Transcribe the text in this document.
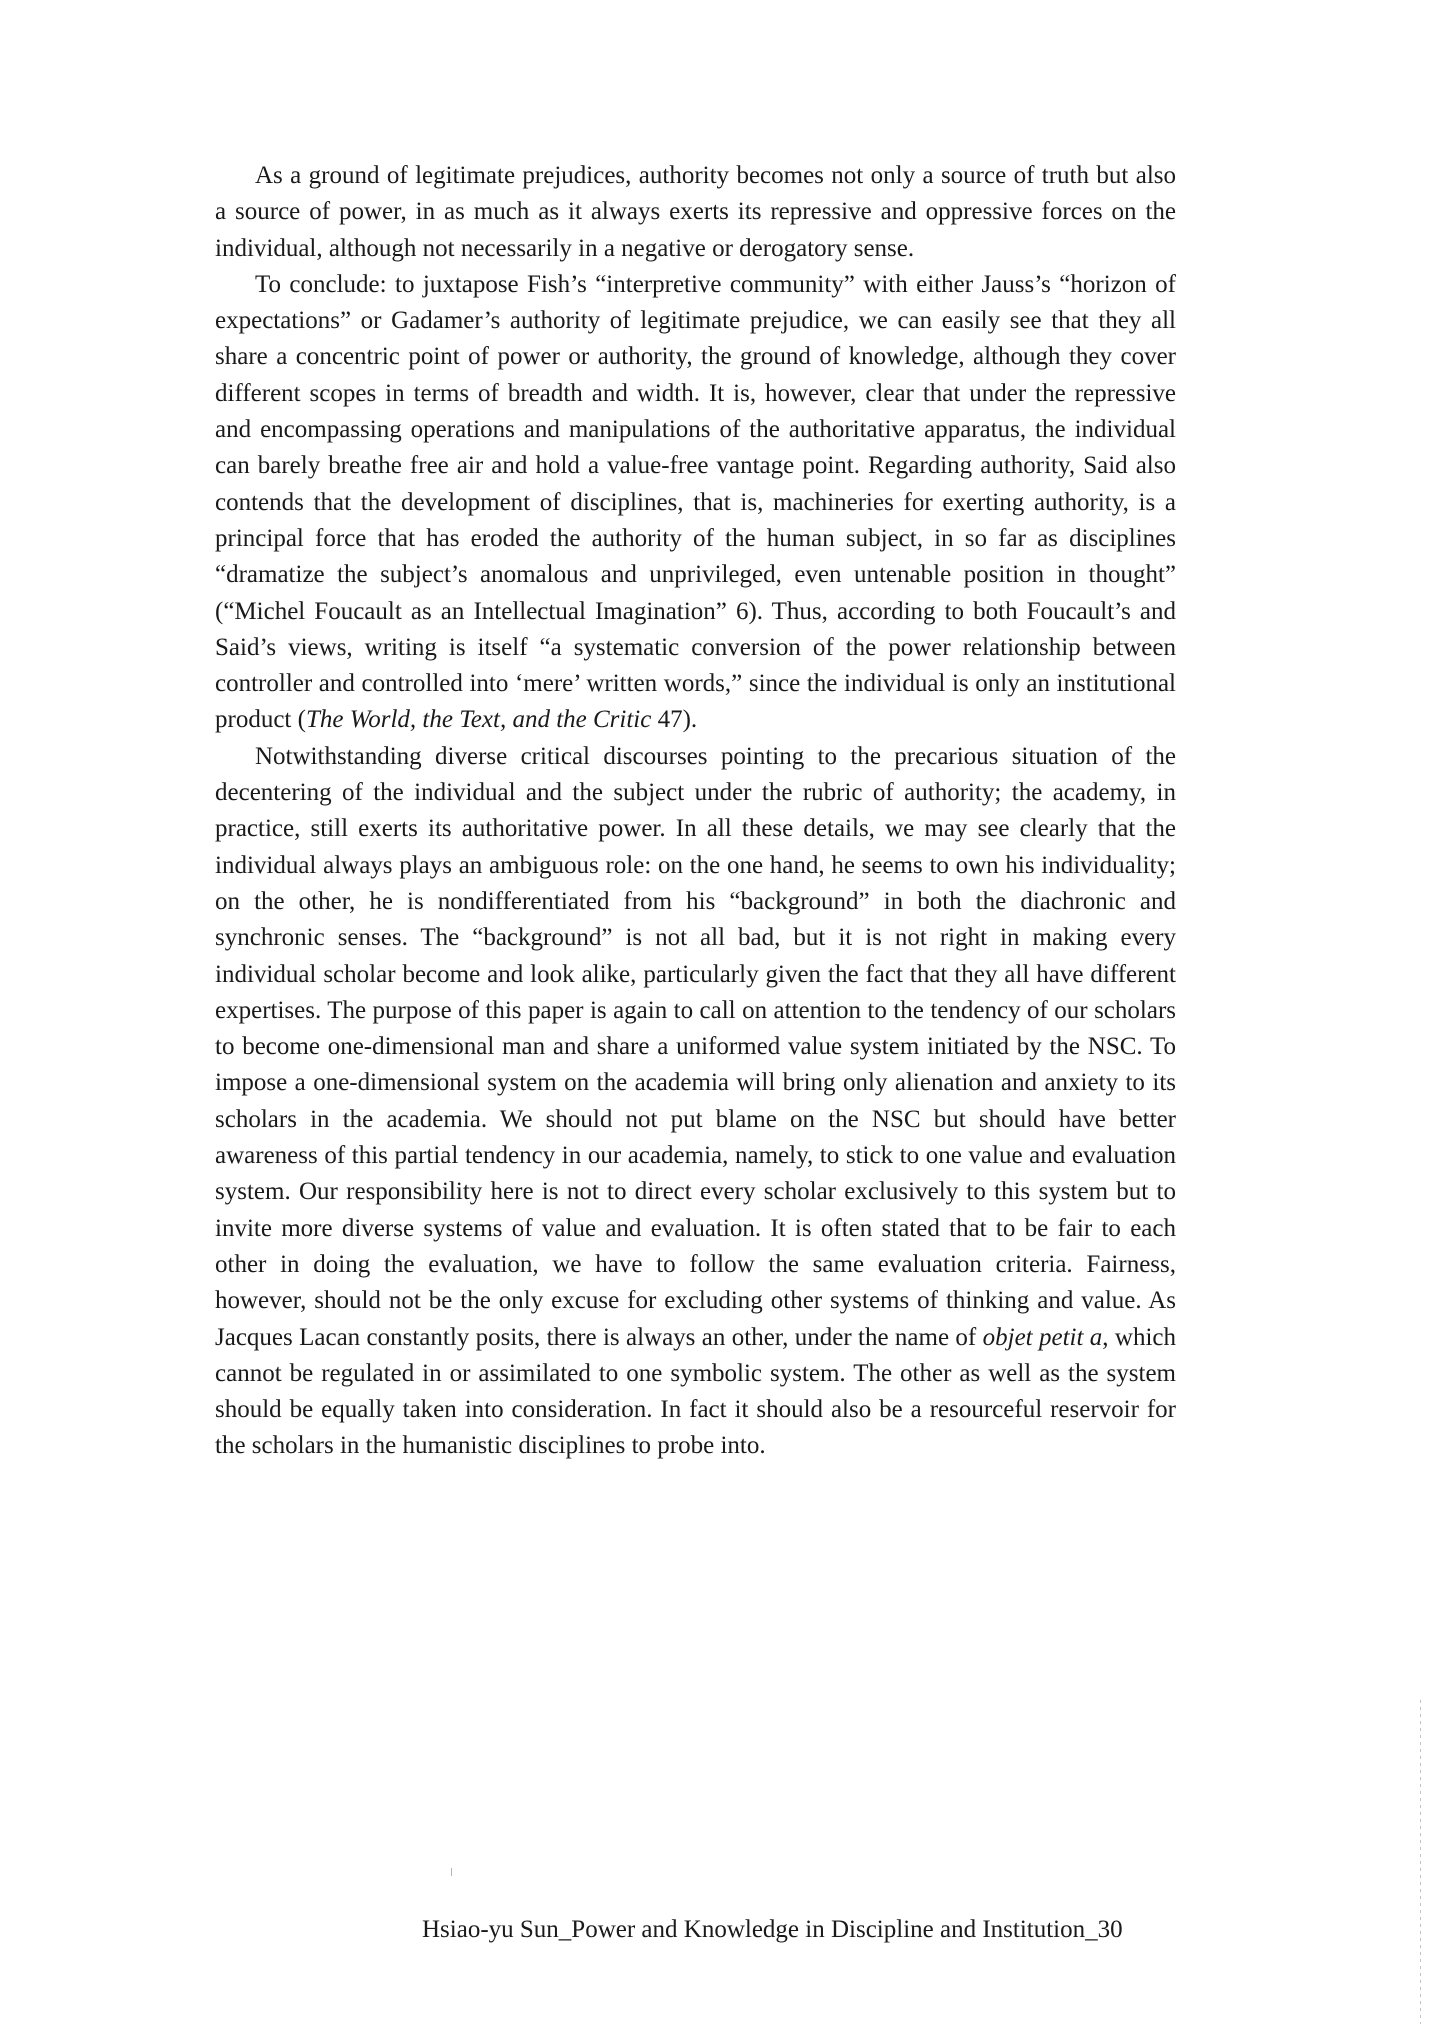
As a ground of legitimate prejudices, authority becomes not only a source of truth but also a source of power, in as much as it always exerts its repressive and oppressive forces on the individual, although not necessarily in a negative or derogatory sense.

To conclude: to juxtapose Fish’s “interpretive community” with either Jauss’s “horizon of expectations” or Gadamer’s authority of legitimate prejudice, we can easily see that they all share a concentric point of power or authority, the ground of knowledge, although they cover different scopes in terms of breadth and width. It is, however, clear that under the repressive and encompassing operations and manipulations of the authoritative apparatus, the individual can barely breathe free air and hold a value-free vantage point. Regarding authority, Said also contends that the development of disciplines, that is, machineries for exerting authority, is a principal force that has eroded the authority of the human subject, in so far as disciplines “dramatize the subject’s anomalous and unprivileged, even untenable position in thought” (“Michel Foucault as an Intellectual Imagination” 6). Thus, according to both Foucault’s and Said’s views, writing is itself “a systematic conversion of the power relationship between controller and controlled into ‘mere’ written words,” since the individual is only an institutional product (The World, the Text, and the Critic 47).

Notwithstanding diverse critical discourses pointing to the precarious situation of the decentering of the individual and the subject under the rubric of authority; the academy, in practice, still exerts its authoritative power. In all these details, we may see clearly that the individual always plays an ambiguous role: on the one hand, he seems to own his individuality; on the other, he is nondifferentiated from his “background” in both the diachronic and synchronic senses. The “background” is not all bad, but it is not right in making every individual scholar become and look alike, particularly given the fact that they all have different expertises. The purpose of this paper is again to call on attention to the tendency of our scholars to become one-dimensional man and share a uniformed value system initiated by the NSC. To impose a one-dimensional system on the academia will bring only alienation and anxiety to its scholars in the academia. We should not put blame on the NSC but should have better awareness of this partial tendency in our academia, namely, to stick to one value and evaluation system. Our responsibility here is not to direct every scholar exclusively to this system but to invite more diverse systems of value and evaluation. It is often stated that to be fair to each other in doing the evaluation, we have to follow the same evaluation criteria. Fairness, however, should not be the only excuse for excluding other systems of thinking and value. As Jacques Lacan constantly posits, there is always an other, under the name of objet petit a, which cannot be regulated in or assimilated to one symbolic system. The other as well as the system should be equally taken into consideration. In fact it should also be a resourceful reservoir for the scholars in the humanistic disciplines to probe into.

Hsiao-yu Sun_Power and Knowledge in Discipline and Institution_30
